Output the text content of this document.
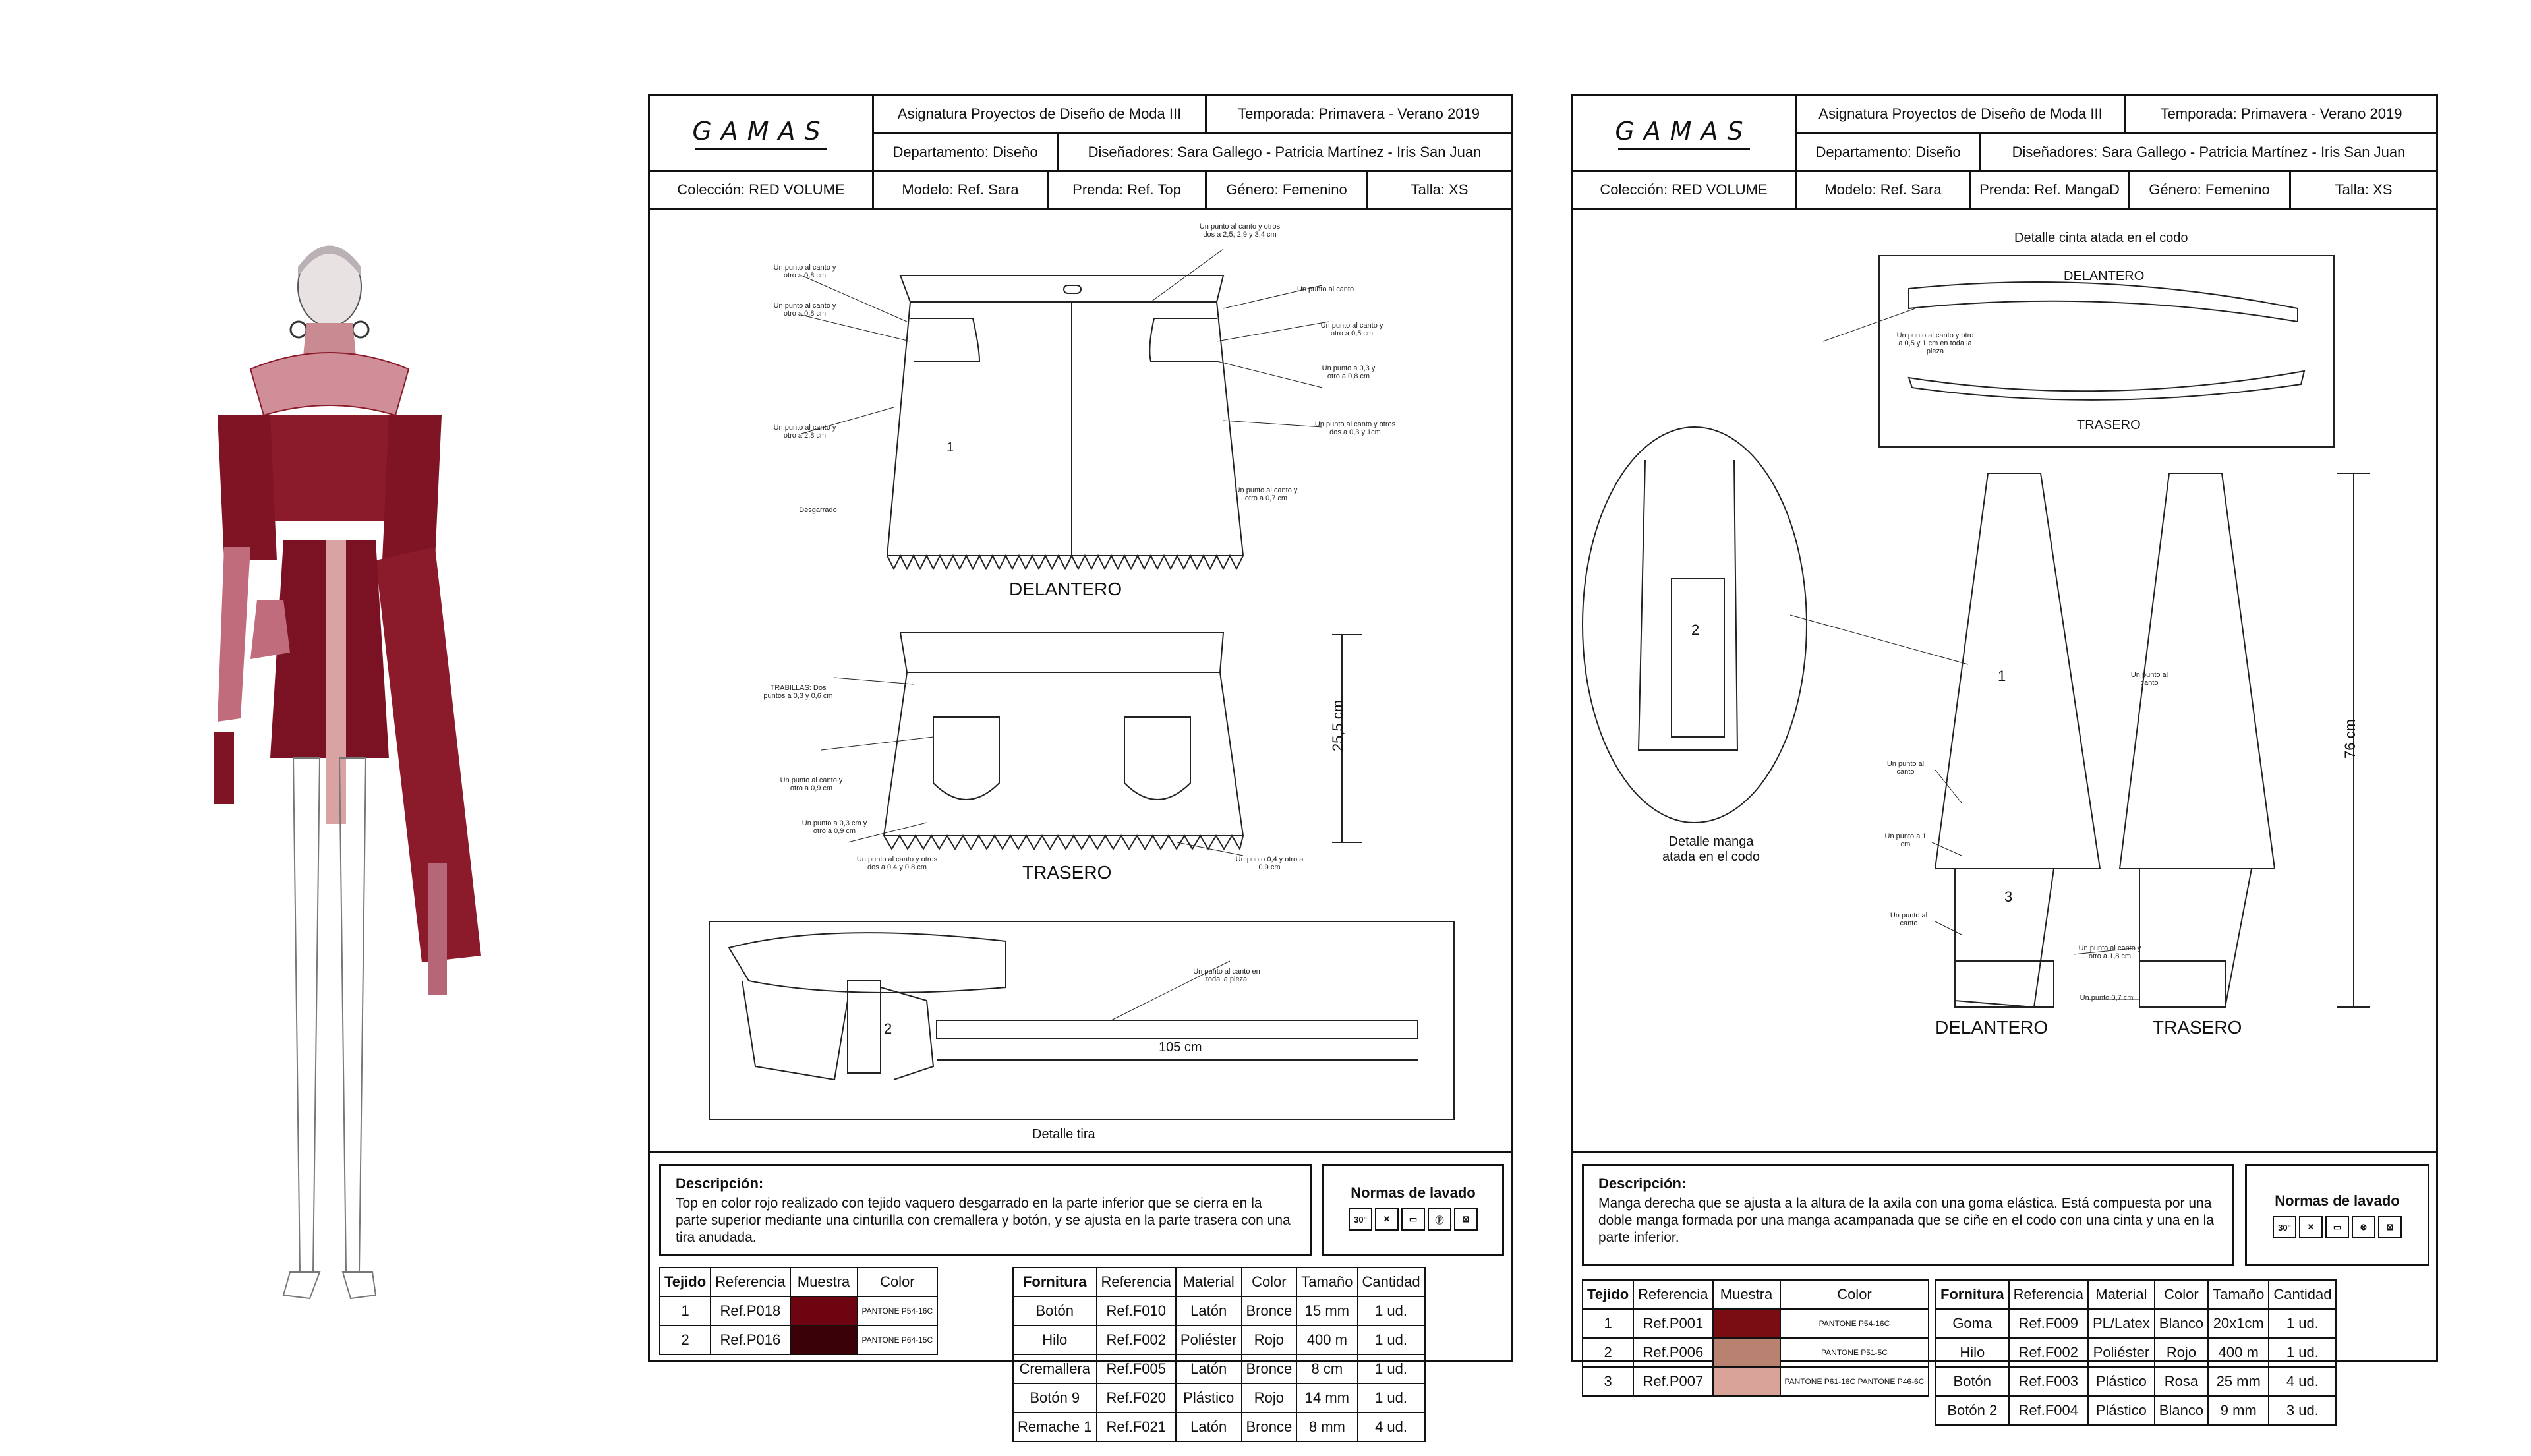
GAMAS
Asignatura Proyectos de Diseño de Moda III	Temporada: Primavera - Verano 2019
Departamento: Diseño	Diseñadores: Sara Gallego - Patricia Martínez - Iris San Juan
Colección: RED VOLUME	Modelo: Ref. Sara	Prenda: Ref. Top	Género: Femenino	Talla: XS
1
DELANTERO
TRASERO
25,5 cm
105 cm
2
Detalle tira
Un punto al canto y otro a 0,8 cm
Un punto al canto y otro a 0,8 cm
Un punto al canto y otro a 2,8 cm
Desgarrado
Un punto al canto y otros dos a 2,5, 2,9 y 3,4 cm
Un punto al canto
Un punto al canto y otro a 0,5 cm
Un punto a 0,3 y otro a 0,8 cm
Un punto al canto y otros dos a 0,3 y 1cm
Un punto al canto y otro a 0,7 cm
TRABILLAS: Dos puntos a 0,3 y 0,6 cm
Un punto al canto y otro a 0,9 cm
Un punto a 0,3 cm y otro a 0,9 cm
Un punto al canto y otros dos a 0,4 y 0,8 cm
Un punto 0,4 y otro a 0,9 cm
Un punto al canto en toda la pieza
Descripción:
Top en color rojo realizado con tejido vaquero desgarrado en la parte inferior que se cierra en la parte superior mediante una cinturilla con cremallera y botón, y se ajusta en la parte trasera con una tira anudada.
Normas de lavado
30°	✕	▭	Ⓟ	⊠
Tejido	Referencia	Muestra	Color
1	Ref.P018		PANTONE P54-16C
2	Ref.P016		PANTONE P64-15C
Fornitura	Referencia	Material	Color	Tamaño	Cantidad
Botón	Ref.F010	Latón	Bronce	15 mm	1 ud.
Hilo	Ref.F002	Poliéster	Rojo	400 m	1 ud.
Cremallera	Ref.F005	Latón	Bronce	8 cm	1 ud.
Botón 9	Ref.F020	Plástico	Rojo	14 mm	1 ud.
Remache 1	Ref.F021	Latón	Bronce	8 mm	4 ud.
GAMAS
Asignatura Proyectos de Diseño de Moda III	Temporada: Primavera - Verano 2019
Departamento: Diseño	Diseñadores: Sara Gallego - Patricia Martínez - Iris San Juan
Colección: RED VOLUME	Modelo: Ref. Sara	Prenda: Ref. MangaD	Género: Femenino	Talla: XS
Detalle cinta atada en el codo
DELANTERO
TRASERO
2
Detalle manga atada en el codo
1
3
76 cm
DELANTERO	TRASERO
Un punto al canto y otro a 0,5 y 1 cm en toda la pieza
Un punto al canto
Un punto al canto
Un punto a 1 cm
Un punto al canto
Un punto al canto y otro a 1,8 cm
Un punto 0,7 cm
Descripción:
Manga derecha que se ajusta a la altura de la axila con una goma elástica. Está compuesta por una doble manga formada por una manga acampanada que se ciñe en el codo con una cinta y una en la parte inferior.
Normas de lavado
30°	✕	▭	⊗	⊠
Tejido	Referencia	Muestra	Color
1	Ref.P001		PANTONE P54-16C
2	Ref.P006		PANTONE P51-5C
3	Ref.P007		PANTONE P61-16C PANTONE P46-6C
Fornitura	Referencia	Material	Color	Tamaño	Cantidad
Goma	Ref.F009	PL/Latex	Blanco	20x1cm	1 ud.
Hilo	Ref.F002	Poliéster	Rojo	400 m	1 ud.
Botón	Ref.F003	Plástico	Rosa	25 mm	4 ud.
Botón 2	Ref.F004	Plástico	Blanco	9 mm	3 ud.
